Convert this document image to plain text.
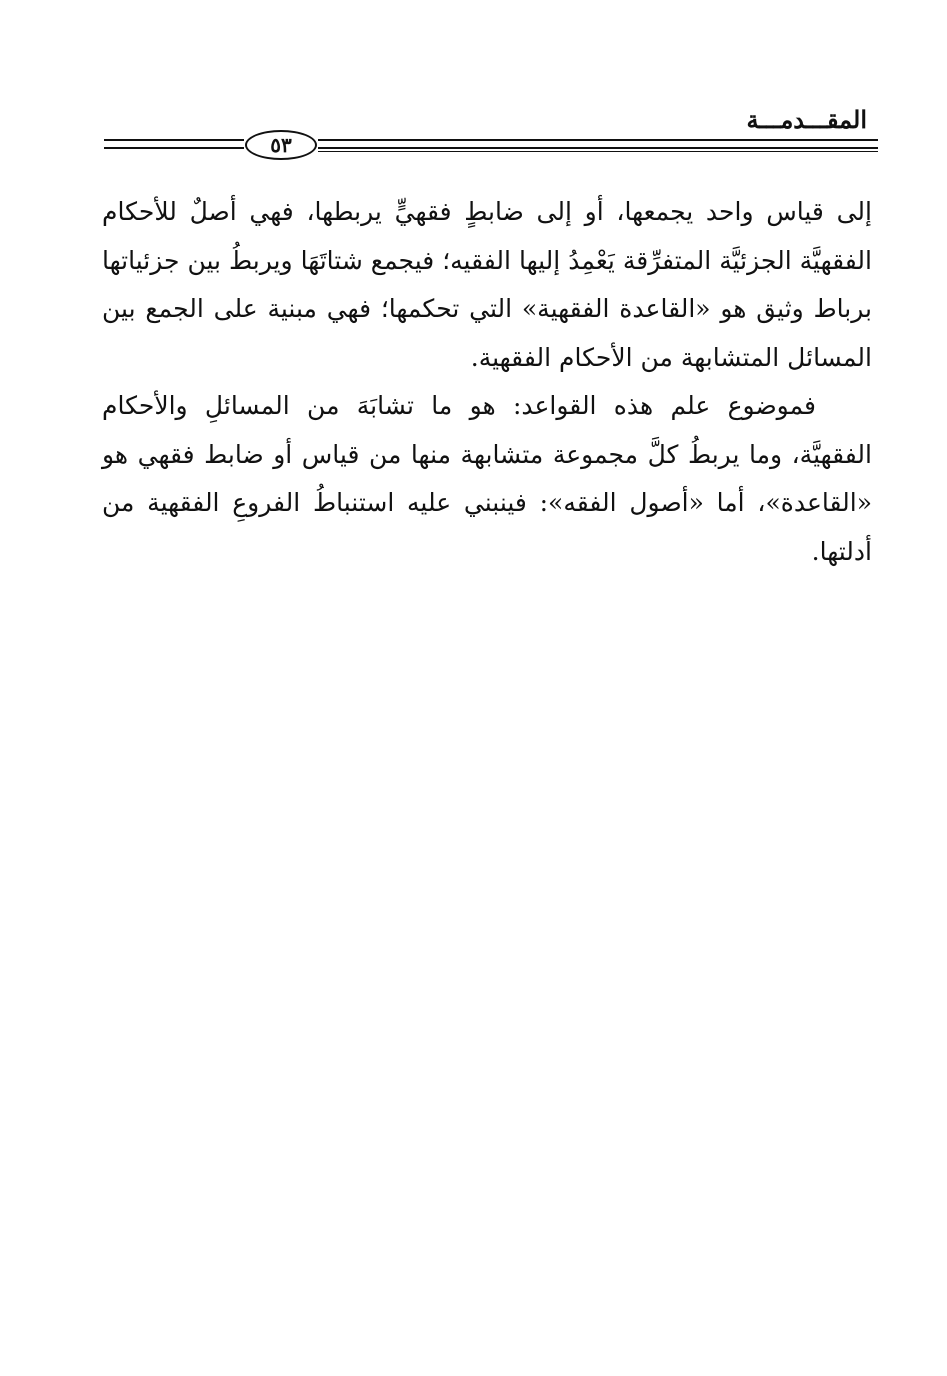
المقـــدمـــة
٥٣

إلى قياس واحد يجمعها، أو إلى ضابطٍ فقهيٍّ يربطها، فهي أصلٌ للأحكام الفقهيَّة الجزئيَّة المتفرِّقة يَعْمِدُ إليها الفقيه؛ فيجمع شتاتَهَا ويربطُ بين جزئياتها برباط وثيق هو «القاعدة الفقهية» التي تحكمها؛ فهي مبنية على الجمع بين المسائل المتشابهة من الأحكام الفقهية.

فموضوع علم هذه القواعد: هو ما تشابَهَ من المسائلِ والأحكام الفقهيَّة، وما يربطُ كلَّ مجموعة متشابهة منها من قياس أو ضابط فقهي هو «القاعدة»، أما «أصول الفقه»: فينبني عليه استنباطُ الفروعِ الفقهية من أدلتها.
